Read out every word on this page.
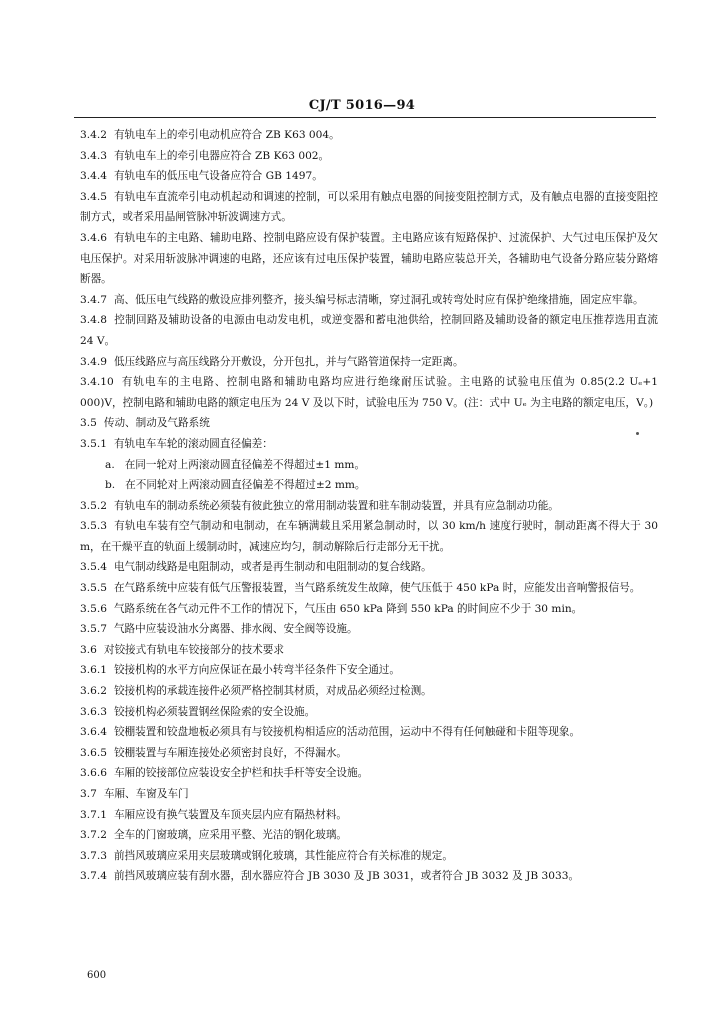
CJ/T 5016—94
3.4.2 有轨电车上的牵引电动机应符合 ZB K63 004。
3.4.3 有轨电车上的牵引电器应符合 ZB K63 002。
3.4.4 有轨电车的低压电气设备应符合 GB 1497。
3.4.5 有轨电车直流牵引电动机起动和调速的控制，可以采用有触点电器的间接变阻控制方式，及有触点电器的直接变阻控制方式，或者采用晶闸管脉冲斩波调速方式。
3.4.6 有轨电车的主电路、辅助电路、控制电路应设有保护装置。主电路应该有短路保护、过流保护、大气过电压保护及欠电压保护。对采用斩波脉冲调速的电路，还应该有过电压保护装置，辅助电路应装总开关，各辅助电气设备分路应装分路熔断器。
3.4.7 高、低压电气线路的敷设应排列整齐，接头编号标志清晰，穿过洞孔或转弯处时应有保护绝缘措施，固定应牢靠。
3.4.8 控制回路及辅助设备的电源由电动发电机，或逆变器和蓄电池供给，控制回路及辅助设备的额定电压推荐选用直流 24 V。
3.4.9 低压线路应与高压线路分开敷设，分开包扎，并与气路管道保持一定距离。
3.4.10 有轨电车的主电路、控制电路和辅助电路均应进行绝缘耐压试验。主电路的试验电压值为 0.85(2.2 Uₑ+1 000)V，控制电路和辅助电路的额定电压为 24 V 及以下时，试验电压为 750 V。(注：式中 Uₑ 为主电路的额定电压，V。)
3.5 传动、制动及气路系统
3.5.1 有轨电车车轮的滚动圆直径偏差：
a. 在同一轮对上两滚动圆直径偏差不得超过±1 mm。
b. 在不同轮对上两滚动圆直径偏差不得超过±2 mm。
3.5.2 有轨电车的制动系统必须装有彼此独立的常用制动装置和驻车制动装置，并具有应急制动功能。
3.5.3 有轨电车装有空气制动和电制动，在车辆满载且采用紧急制动时，以 30 km/h 速度行驶时，制动距离不得大于 30 m，在干燥平直的轨面上缓制动时，减速应均匀，制动解除后行走部分无干扰。
3.5.4 电气制动线路是电阻制动，或者是再生制动和电阻制动的复合线路。
3.5.5 在气路系统中应装有低气压警报装置，当气路系统发生故障，使气压低于 450 kPa 时，应能发出音响警报信号。
3.5.6 气路系统在各气动元件不工作的情况下，气压由 650 kPa 降到 550 kPa 的时间应不少于 30 min。
3.5.7 气路中应装设油水分离器、排水阀、安全阀等设施。
3.6 对铰接式有轨电车铰接部分的技术要求
3.6.1 铰接机构的水平方向应保证在最小转弯半径条件下安全通过。
3.6.2 铰接机构的承载连接件必须严格控制其材质，对成品必须经过检测。
3.6.3 铰接机构必须装置钢丝保险索的安全设施。
3.6.4 铰棚装置和铰盘地板必须具有与铰接机构相适应的活动范围，运动中不得有任何触碰和卡阻等现象。
3.6.5 铰棚装置与车厢连接处必须密封良好，不得漏水。
3.6.6 车厢的铰接部位应装设安全护栏和扶手杆等安全设施。
3.7 车厢、车窗及车门
3.7.1 车厢应设有换气装置及车顶夹层内应有隔热材料。
3.7.2 全车的门窗玻璃，应采用平整、光洁的钢化玻璃。
3.7.3 前挡风玻璃应采用夹层玻璃或钢化玻璃，其性能应符合有关标准的规定。
3.7.4 前挡风玻璃应装有刮水器，刮水器应符合 JB 3030 及 JB 3031，或者符合 JB 3032 及 JB 3033。
600
